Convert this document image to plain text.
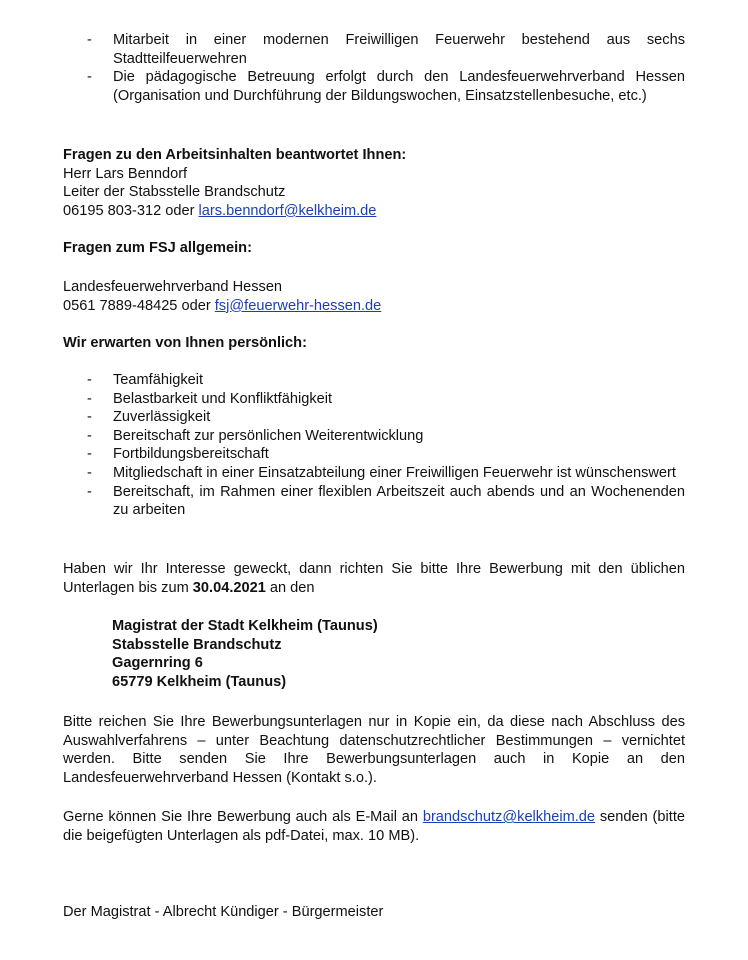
- Mitarbeit in einer modernen Freiwilligen Feuerwehr bestehend aus sechs Stadtteilfeuerwehren
- Die pädagogische Betreuung erfolgt durch den Landesfeuerwehrverband Hessen (Organisation und Durchführung der Bildungswochen, Einsatzstellenbesuche, etc.)
Fragen zu den Arbeitsinhalten beantwortet Ihnen:
Herr Lars Benndorf
Leiter der Stabsstelle Brandschutz
06195 803-312 oder lars.benndorf@kelkheim.de
Fragen zum FSJ allgemein:
Landesfeuerwehrverband Hessen
0561 7889-48425 oder fsj@feuerwehr-hessen.de
Wir erwarten von Ihnen persönlich:
- Teamfähigkeit
- Belastbarkeit und Konfliktfähigkeit
- Zuverlässigkeit
- Bereitschaft zur persönlichen Weiterentwicklung
- Fortbildungsbereitschaft
- Mitgliedschaft in einer Einsatzabteilung einer Freiwilligen Feuerwehr ist wünschenswert
- Bereitschaft, im Rahmen einer flexiblen Arbeitszeit auch abends und an Wochenenden zu arbeiten

Haben wir Ihr Interesse geweckt, dann richten Sie bitte Ihre Bewerbung mit den üblichen Unterlagen bis zum 30.04.2021 an den

Magistrat der Stadt Kelkheim (Taunus)
Stabsstelle Brandschutz
Gagernring 6
65779 Kelkheim (Taunus)

Bitte reichen Sie Ihre Bewerbungsunterlagen nur in Kopie ein, da diese nach Abschluss des Auswahlverfahrens – unter Beachtung datenschutzrechtlicher Bestimmungen – vernichtet werden. Bitte senden Sie Ihre Bewerbungsunterlagen auch in Kopie an den Landesfeuerwehrverband Hessen (Kontakt s.o.).

Gerne können Sie Ihre Bewerbung auch als E-Mail an brandschutz@kelkheim.de senden (bitte die beigefügten Unterlagen als pdf-Datei, max. 10 MB).

Der Magistrat - Albrecht Kündiger - Bürgermeister
